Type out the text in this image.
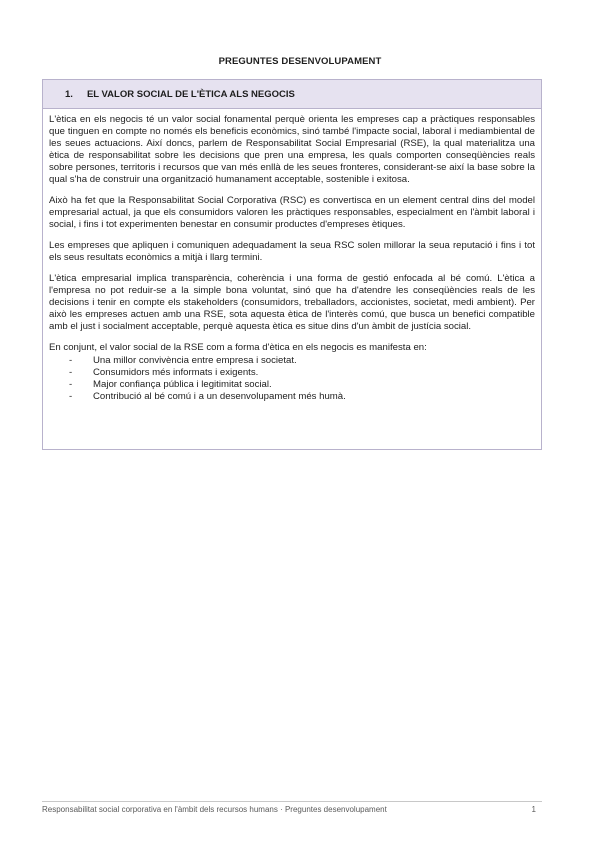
PREGUNTES DESENVOLUPAMENT
1. EL VALOR SOCIAL DE L'ÈTICA ALS NEGOCIS

L'ètica en els negocis té un valor social fonamental perquè orienta les empreses cap a pràctiques responsables que tinguen en compte no només els beneficis econòmics, sinó també l'impacte social, laboral i mediambiental de les seues actuacions. Així doncs, parlem de Responsabilitat Social Empresarial (RSE), la qual materialitza una ètica de responsabilitat sobre les decisions que pren una empresa, les quals comporten conseqüències reals sobre persones, territoris i recursos que van més enllà de les seues fronteres, considerant-se així la base sobre la qual s'ha de construir una organització humanament acceptable, sostenible i exitosa.

Això ha fet que la Responsabilitat Social Corporativa (RSC) es convertisca en un element central dins del model empresarial actual, ja que els consumidors valoren les pràctiques responsables, especialment en l'àmbit laboral i social, i fins i tot experimenten benestar en consumir productes d'empreses ètiques.

Les empreses que apliquen i comuniquen adequadament la seua RSC solen millorar la seua reputació i fins i tot els seus resultats econòmics a mitjà i llarg termini.

L'ètica empresarial implica transparència, coherència i una forma de gestió enfocada al bé comú. L'ètica a l'empresa no pot reduir-se a la simple bona voluntat, sinó que ha d'atendre les conseqüències reals de les decisions i tenir en compte els stakeholders (consumidors, treballadors, accionistes, societat, medi ambient). Per això les empreses actuen amb una RSE, sota aquesta ètica de l'interès comú, que busca un benefici compatible amb el just i socialment acceptable, perquè aquesta ètica es situe dins d'un àmbit de justícia social.

En conjunt, el valor social de la RSE com a forma d'ètica en els negocis es manifesta en:

-	Una millor convivència entre empresa i societat.
-	Consumidors més informats i exigents.
-	Major confiança pública i legitimitat social.
-	Contribució al bé comú i a un desenvolupament més humà.
Responsabilitat social corporativa en l'àmbit dels recursos humans · Preguntes desenvolupament	1
